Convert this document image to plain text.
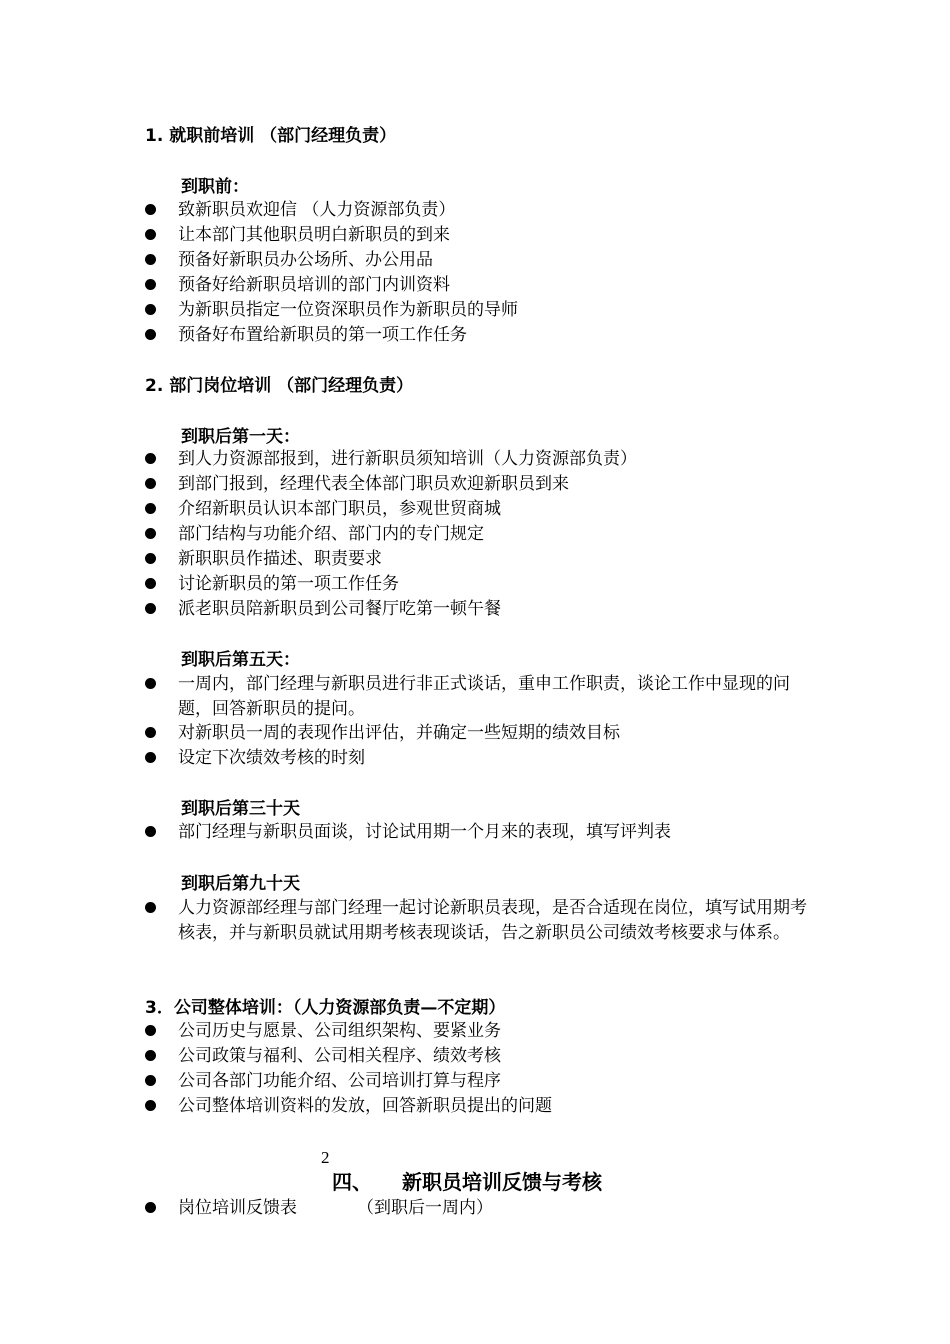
1. 就职前培训 （部门经理负责）
到职前：
致新职员欢迎信 （人力资源部负责）
让本部门其他职员明白新职员的到来
预备好新职员办公场所、办公用品
预备好给新职员培训的部门内训资料
为新职员指定一位资深职员作为新职员的导师
预备好布置给新职员的第一项工作任务
2. 部门岗位培训 （部门经理负责）
到职后第一天：
到人力资源部报到，进行新职员须知培训（人力资源部负责）
到部门报到，经理代表全体部门职员欢迎新职员到来
介绍新职员认识本部门职员，参观世贸商城
部门结构与功能介绍、部门内的专门规定
新职职员作描述、职责要求
讨论新职员的第一项工作任务
派老职员陪新职员到公司餐厅吃第一顿午餐
到职后第五天：
一周内，部门经理与新职员进行非正式谈话，重申工作职责，谈论工作中显现的问题，回答新职员的提问。
对新职员一周的表现作出评估，并确定一些短期的绩效目标
设定下次绩效考核的时刻
到职后第三十天
部门经理与新职员面谈，讨论试用期一个月来的表现，填写评判表
到职后第九十天
人力资源部经理与部门经理一起讨论新职员表现，是否合适现在岗位，填写试用期考核表，并与新职员就试用期考核表现谈话，告之新职员公司绩效考核要求与体系。
3．公司整体培训：（人力资源部负责—不定期）
公司历史与愿景、公司组织架构、要紧业务
公司政策与福利、公司相关程序、绩效考核
公司各部门功能介绍、公司培训打算与程序
公司整体培训资料的发放，回答新职员提出的问题
2
四、 新职员培训反馈与考核
岗位培训反馈表	（到职后一周内）
